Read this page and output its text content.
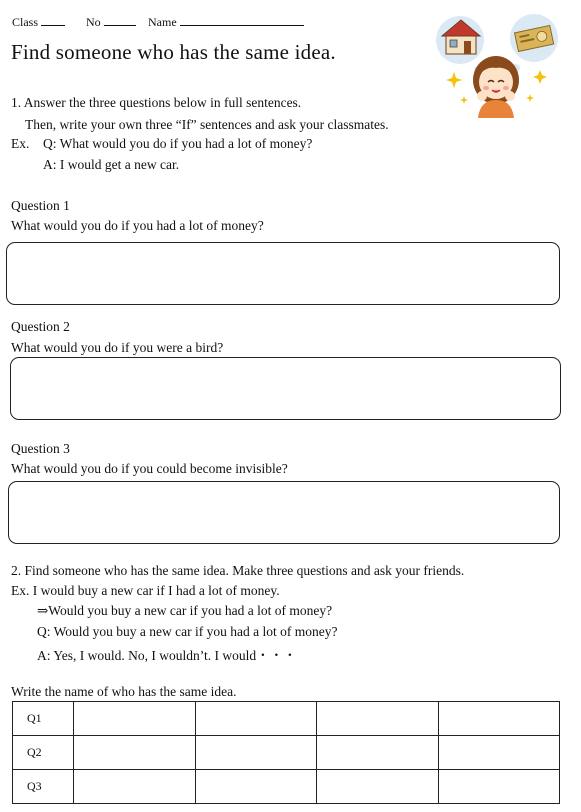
Class	No	Name
Find someone who has the same idea.
1. Answer the three questions below in full sentences.
Then, write your own three “If” sentences and ask your classmates.
Ex. Q: What would you do if you had a lot of money?
A: I would get a new car.
Question 1
What would you do if you had a lot of money?
Question 2
What would you do if you were a bird?
Question 3
What would you do if you could become invisible?
2. Find someone who has the same idea. Make three questions and ask your friends.
Ex. I would buy a new car if I had a lot of money.
⇒Would you buy a new car if you had a lot of money?
Q: Would you buy a new car if you had a lot of money?
A: Yes, I would. No, I wouldn’t. I would・・・
Write the name of who has the same idea.
Q1				
Q2				
Q3				
